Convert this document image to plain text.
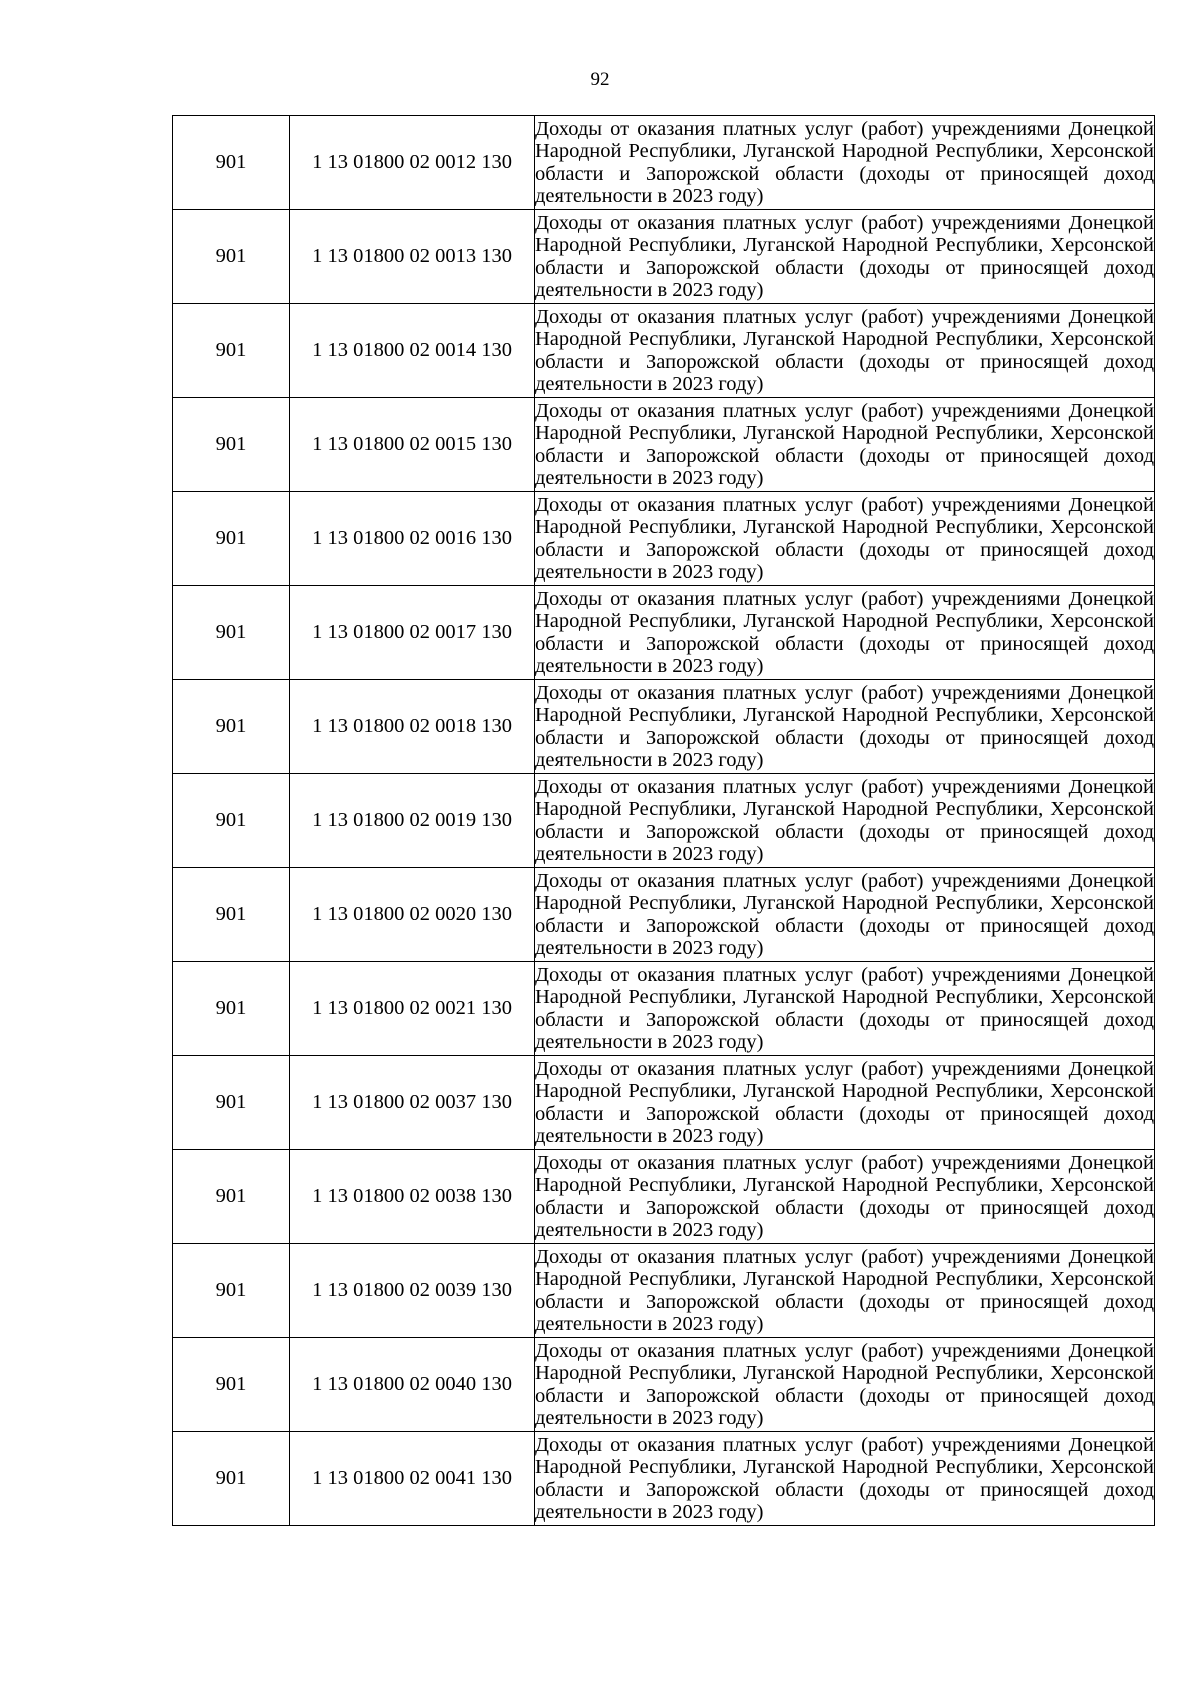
92
901	1 13 01800 02 0012 130	Доходы от оказания платных услуг (работ) учреждениями Донецкой Народной Республики, Луганской Народной Республики, Херсонской области и Запорожской области (доходы от приносящей доход деятельности в 2023 году)
901	1 13 01800 02 0013 130	Доходы от оказания платных услуг (работ) учреждениями Донецкой Народной Республики, Луганской Народной Республики, Херсонской области и Запорожской области (доходы от приносящей доход деятельности в 2023 году)
901	1 13 01800 02 0014 130	Доходы от оказания платных услуг (работ) учреждениями Донецкой Народной Республики, Луганской Народной Республики, Херсонской области и Запорожской области (доходы от приносящей доход деятельности в 2023 году)
901	1 13 01800 02 0015 130	Доходы от оказания платных услуг (работ) учреждениями Донецкой Народной Республики, Луганской Народной Республики, Херсонской области и Запорожской области (доходы от приносящей доход деятельности в 2023 году)
901	1 13 01800 02 0016 130	Доходы от оказания платных услуг (работ) учреждениями Донецкой Народной Республики, Луганской Народной Республики, Херсонской области и Запорожской области (доходы от приносящей доход деятельности в 2023 году)
901	1 13 01800 02 0017 130	Доходы от оказания платных услуг (работ) учреждениями Донецкой Народной Республики, Луганской Народной Республики, Херсонской области и Запорожской области (доходы от приносящей доход деятельности в 2023 году)
901	1 13 01800 02 0018 130	Доходы от оказания платных услуг (работ) учреждениями Донецкой Народной Республики, Луганской Народной Республики, Херсонской области и Запорожской области (доходы от приносящей доход деятельности в 2023 году)
901	1 13 01800 02 0019 130	Доходы от оказания платных услуг (работ) учреждениями Донецкой Народной Республики, Луганской Народной Республики, Херсонской области и Запорожской области (доходы от приносящей доход деятельности в 2023 году)
901	1 13 01800 02 0020 130	Доходы от оказания платных услуг (работ) учреждениями Донецкой Народной Республики, Луганской Народной Республики, Херсонской области и Запорожской области (доходы от приносящей доход деятельности в 2023 году)
901	1 13 01800 02 0021 130	Доходы от оказания платных услуг (работ) учреждениями Донецкой Народной Республики, Луганской Народной Республики, Херсонской области и Запорожской области (доходы от приносящей доход деятельности в 2023 году)
901	1 13 01800 02 0037 130	Доходы от оказания платных услуг (работ) учреждениями Донецкой Народной Республики, Луганской Народной Республики, Херсонской области и Запорожской области (доходы от приносящей доход деятельности в 2023 году)
901	1 13 01800 02 0038 130	Доходы от оказания платных услуг (работ) учреждениями Донецкой Народной Республики, Луганской Народной Республики, Херсонской области и Запорожской области (доходы от приносящей доход деятельности в 2023 году)
901	1 13 01800 02 0039 130	Доходы от оказания платных услуг (работ) учреждениями Донецкой Народной Республики, Луганской Народной Республики, Херсонской области и Запорожской области (доходы от приносящей доход деятельности в 2023 году)
901	1 13 01800 02 0040 130	Доходы от оказания платных услуг (работ) учреждениями Донецкой Народной Республики, Луганской Народной Республики, Херсонской области и Запорожской области (доходы от приносящей доход деятельности в 2023 году)
901	1 13 01800 02 0041 130	Доходы от оказания платных услуг (работ) учреждениями Донецкой Народной Республики, Луганской Народной Республики, Херсонской области и Запорожской области (доходы от приносящей доход деятельности в 2023 году)
